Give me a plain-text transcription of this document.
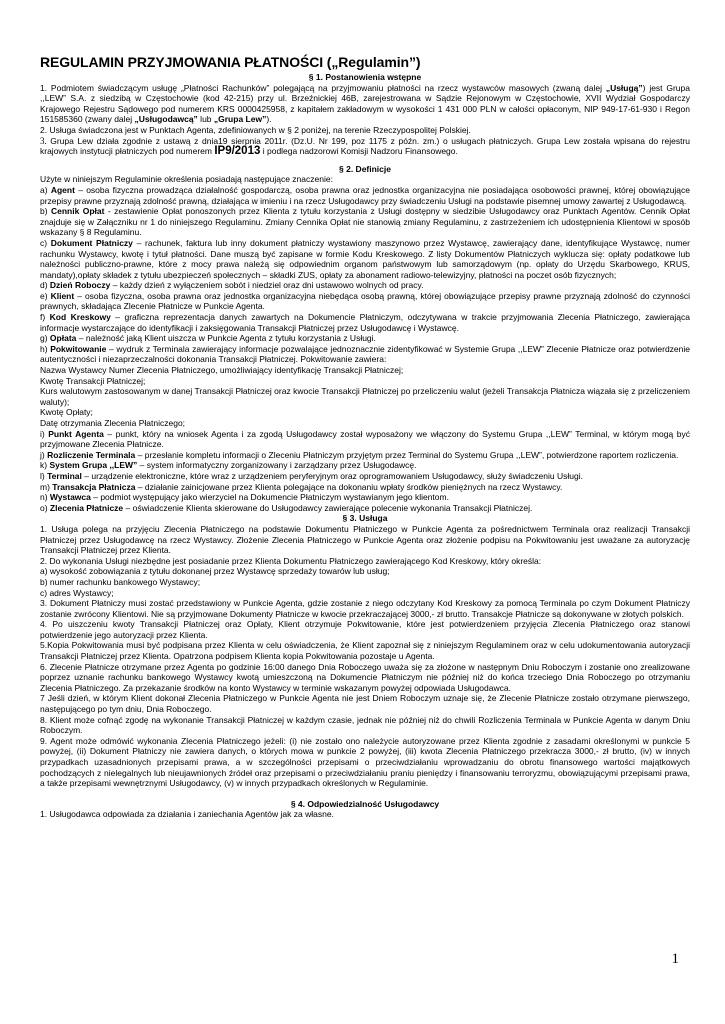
REGULAMIN PRZYJMOWANIA PŁATNOŚCI („Regulamin”)
§ 1. Postanowienia wstępne
1. Podmiotem świadczącym usługę „Płatności Rachunków” polegającą na przyjmowaniu płatności na rzecz wystawców masowych (zwaną dalej „Usługą”) jest Grupa ,,LEW” S.A. z siedzibą w Częstochowie (kod 42-215) przy ul. Brzeźnickiej 46B, zarejestrowana w Sądzie Rejonowym w Częstochowie, XVII Wydział Gospodarczy Krajowego Rejestru Sądowego pod numerem KRS 0000425958, z kapitałem zakładowym w wysokości 1 431 000 PLN w całości opłaconym, NIP 949-17-61-930 i Regon 151585360 (zwany dalej „Usługodawcą” lub „Grupa Lew”).
2. Usługa świadczona jest w Punktach Agenta, zdefiniowanych w § 2 poniżej, na terenie Rzeczypospolitej Polskiej.
3. Grupa Lew działa zgodnie z ustawą z dnia19 sierpnia 2011r. (Dz.U. Nr 199, poz 1175 z późn. zm.) o usługach płatniczych. Grupa Lew została wpisana do rejestru krajowych instytucji płatniczych pod numerem IP9/2013 i podlega nadzorowi Komisji Nadzoru Finansowego.
§ 2. Definicje
Użyte w niniejszym Regulaminie określenia posiadają następujące znaczenie:
a) Agent – osoba fizyczna prowadząca działalność gospodarczą, osoba prawna oraz jednostka organizacyjna nie posiadająca osobowości prawnej, której obowiązujące przepisy prawne przyznają zdolność prawną, działająca w imieniu i na rzecz Usługodawcy przy świadczeniu Usługi na podstawie pisemnej umowy zawartej z Usługodawcą.
b) Cennik Opłat - zestawienie Opłat ponoszonych przez Klienta z tytułu korzystania z Usługi dostępny w siedzibie Usługodawcy oraz Punktach Agentów. Cennik Opłat znajduje się w Załączniku nr 1 do niniejszego Regulaminu. Zmiany Cennika Opłat nie stanowią zmiany Regulaminu, z zastrzeżeniem ich udostępnienia Klientowi w sposób wskazany § 8 Regulaminu.
c) Dokument Płatniczy – rachunek, faktura lub inny dokument płatniczy wystawiony maszynowo przez Wystawcę, zawierający dane, identyfikujące Wystawcę, numer rachunku Wystawcy, kwotę i tytuł płatności. Dane muszą być zapisane w formie Kodu Kreskowego. Z listy Dokumentów Płatniczych wyklucza się: opłaty podatkowe lub należności publiczno-prawne, które z mocy prawa należą się odpowiednim organom państwowym lub samorządowym (np. opłaty do Urzędu Skarbowego, KRUS, mandaty),opłaty składek z tytułu ubezpieczeń społecznych – składki ZUS, opłaty za abonament radiowo-telewizyjny, płatności na poczet osób fizycznych;
d) Dzień Roboczy – każdy dzień z wyłączeniem sobót i niedziel oraz dni ustawowo wolnych od pracy.
e) Klient – osoba fizyczna, osoba prawna oraz jednostka organizacyjna niebędąca osobą prawną, której obowiązujące przepisy prawne przyznają zdolność do czynności prawnych, składająca Zlecenie Płatnicze w Punkcie Agenta.
f) Kod Kreskowy – graficzna reprezentacja danych zawartych na Dokumencie Płatniczym, odczytywana w trakcie przyjmowania Zlecenia Płatniczego, zawierająca informacje wystarczające do identyfikacji i zaksięgowania Transakcji Płatniczej przez Usługodawcę i Wystawcę.
g) Opłata – należność jaką Klient uiszcza w Punkcie Agenta z tytułu korzystania z Usługi.
h) Pokwitowanie – wydruk z Terminala zawierający informacje pozwalające jednoznacznie zidentyfikować w Systemie Grupa ,,LEW” Zlecenie Płatnicze oraz potwierdzenie autentyczności i niezaprzeczalności dokonania Transakcji Płatniczej. Pokwitowanie zawiera:
Nazwa Wystawcy Numer Zlecenia Płatniczego, umożliwiający identyfikację Transakcji Płatniczej;
Kwotę Transakcji Płatniczej;
Kurs walutowym zastosowanym w danej Transakcji Płatniczej oraz kwocie Transakcji Płatniczej po przeliczeniu walut (jeżeli Transakcja Płatnicza wiązała się z przeliczeniem waluty);
Kwotę Opłaty;
Datę otrzymania Zlecenia Płatniczego;
i) Punkt Agenta – punkt, który na wniosek Agenta i za zgodą Usługodawcy został wyposażony we włączony do Systemu Grupa ,,LEW” Terminal, w którym mogą być przyjmowane Zlecenia Płatnicze.
j) Rozliczenie Terminala – przesłanie kompletu informacji o Zleceniu Płatniczym przyjętym przez Terminal do Systemu Grupa ,,LEW”, potwierdzone raportem rozliczenia.
k) System Grupa ,,LEW” – system informatyczny zorganizowany i zarządzany przez Usługodawcę.
l) Terminal – urządzenie elektroniczne, które wraz z urządzeniem peryferyjnym oraz oprogramowaniem Usługodawcy, służy świadczeniu Usługi.
m) Transakcja Płatnicza – działanie zainicjowane przez Klienta polegające na dokonaniu wpłaty środków pieniężnych na rzecz Wystawcy.
n) Wystawca – podmiot występujący jako wierzyciel na Dokumencie Płatniczym wystawianym jego klientom.
o) Zlecenia Płatnicze – oświadczenie Klienta skierowane do Usługodawcy zawierające polecenie wykonania Transakcji Płatniczej.
§ 3. Usługa
1. Usługa polega na przyjęciu Zlecenia Płatniczego na podstawie Dokumentu Płatniczego w Punkcie Agenta za pośrednictwem Terminala oraz realizacji Transakcji Płatniczej przez Usługodawcę na rzecz Wystawcy. Złożenie Zlecenia Płatniczego w Punkcie Agenta oraz złożenie podpisu na Pokwitowaniu jest uważane za autoryzację Transakcji Płatniczej przez Klienta.
2. Do wykonania Usługi niezbędne jest posiadanie przez Klienta Dokumentu Płatniczego zawierającego Kod Kreskowy, który określa:
a) wysokość zobowiązania z tytułu dokonanej przez Wystawcę sprzedaży towarów lub usług;
b) numer rachunku bankowego Wystawcy;
c) adres Wystawcy;
3. Dokument Płatniczy musi zostać przedstawiony w Punkcie Agenta, gdzie zostanie z niego odczytany Kod Kreskowy za pomocą Terminala po czym Dokument Płatniczy zostanie zwrócony Klientowi. Nie są przyjmowane Dokumenty Płatnicze w kwocie przekraczającej 3000,- zł brutto. Transakcje Płatnicze są dokonywane w złotych polskich.
4. Po uiszczeniu kwoty Transakcji Płatniczej oraz Opłaty, Klient otrzymuje Pokwitowanie, które jest potwierdzeniem przyjęcia Zlecenia Płatniczego oraz stanowi potwierdzenie jego autoryzacji przez Klienta.
5.Kopia Pokwitowania musi być podpisana przez Klienta w celu oświadczenia, że Klient zapoznał się z niniejszym Regulaminem oraz w celu udokumentowania autoryzacji Transakcji Płatniczej przez Klienta. Opatrzona podpisem Klienta kopia Pokwitowania pozostaje u Agenta.
6. Zlecenie Płatnicze otrzymane przez Agenta po godzinie 16:00 danego Dnia Roboczego uważa się za złożone w następnym Dniu Roboczym i zostanie ono zrealizowane poprzez uznanie rachunku bankowego Wystawcy kwotą umieszczoną na Dokumencie Płatniczym nie później niż do końca trzeciego Dnia Roboczego po otrzymaniu Zlecenia Płatniczego. Za przekazanie środków na konto Wystawcy w terminie wskazanym powyżej odpowiada Usługodawca.
7 Jeśli dzień, w którym Klient dokonał Zlecenia Płatniczego w Punkcie Agenta nie jest Dniem Roboczym uznaje się, że Zlecenie Płatnicze zostało otrzymane pierwszego, następującego po tym dniu, Dnia Roboczego.
8. Klient może cofnąć zgodę na wykonanie Transakcji Płatniczej w każdym czasie, jednak nie później niż do chwili Rozliczenia Terminala w Punkcie Agenta w danym Dniu Roboczym.
9. Agent może odmówić wykonania Zlecenia Płatniczego jeżeli: (i) nie zostało ono należycie autoryzowane przez Klienta zgodnie z zasadami określonymi w punkcie 5 powyżej, (ii) Dokument Płatniczy nie zawiera danych, o których mowa w punkcie 2 powyżej, (iii) kwota Zlecenia Płatniczego przekracza 3000,- zł brutto, (iv) w innych przypadkach uzasadnionych przepisami prawa, a w szczególności przepisami o przeciwdziałaniu wprowadzaniu do obrotu finansowego wartości majątkowych pochodzących z nielegalnych lub nieujawnionych źródeł oraz przepisami o przeciwdziałaniu praniu pieniędzy i finansowaniu terroryzmu, obowiązującymi przepisami prawa, a także przepisami wewnętrznymi Usługodawcy, (v) w innych przypadkach określonych w Regulaminie.
§ 4. Odpowiedzialność Usługodawcy
1. Usługodawca odpowiada za działania i zaniechania Agentów jak za własne.
1
